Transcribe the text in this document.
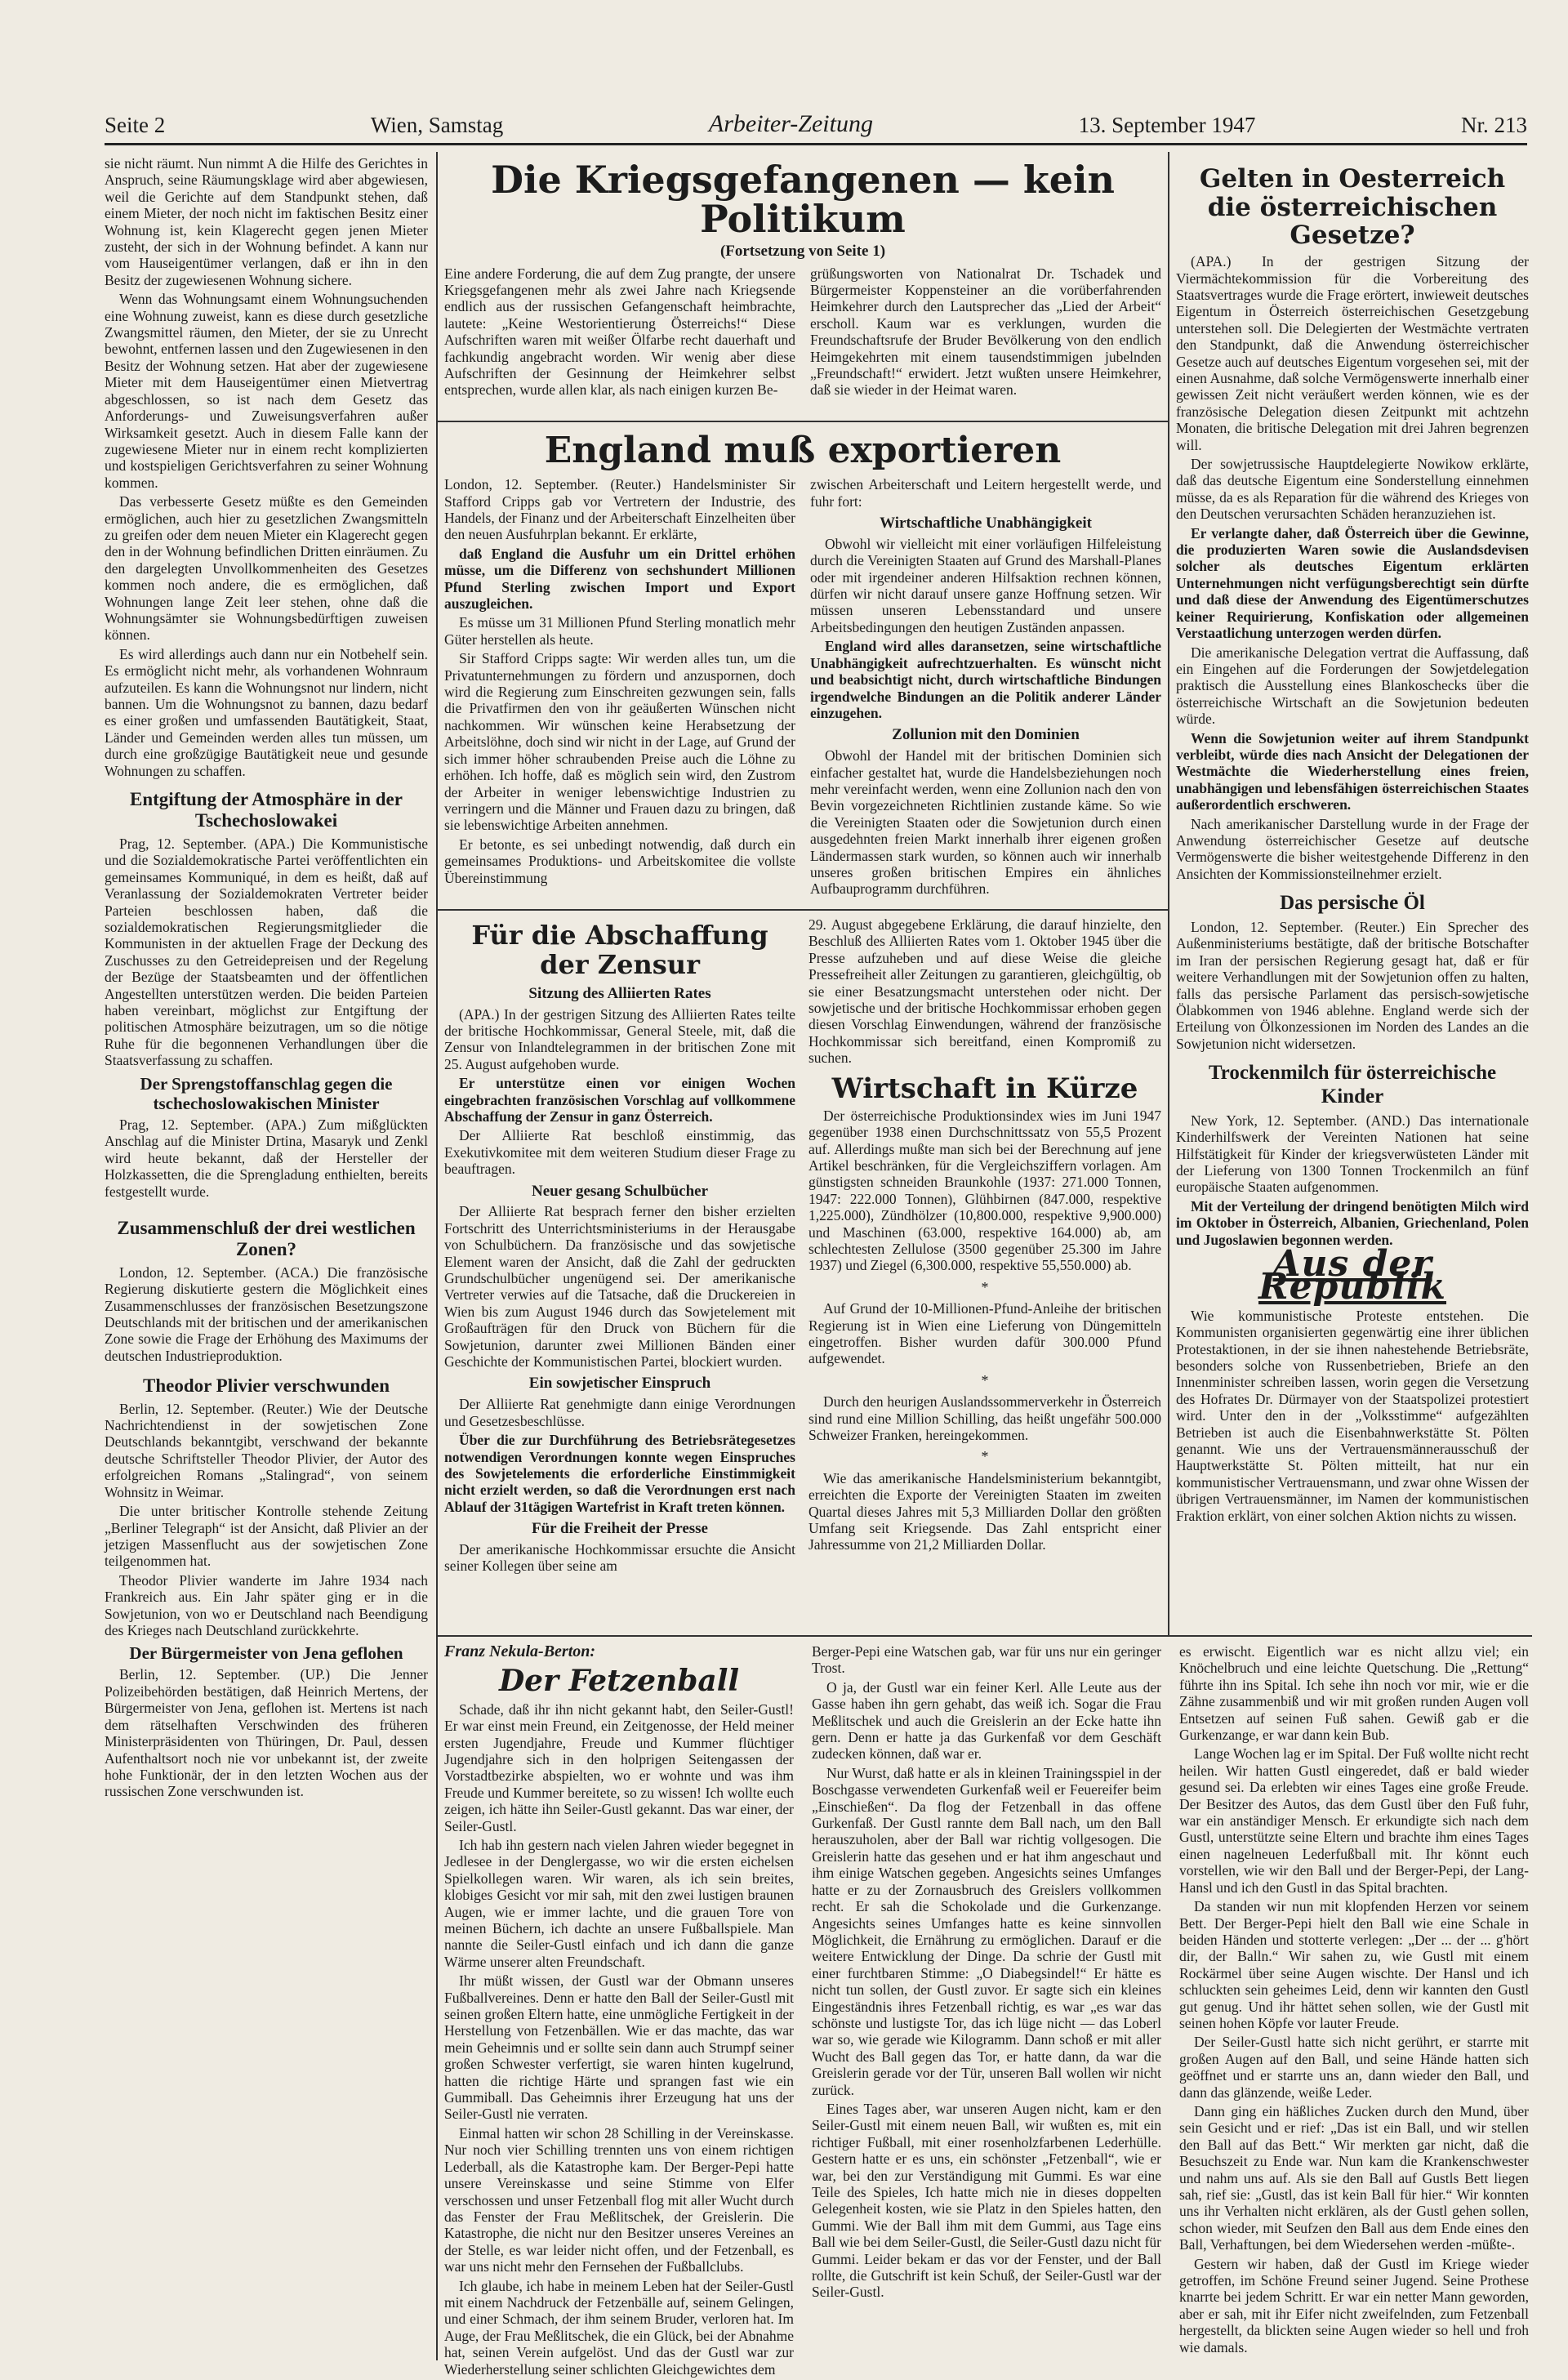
Seite 2	Wien, Samstag	Arbeiter-Zeitung	13. September 1947	Nr. 213

sie nicht räumt. Nun nimmt A die Hilfe des Gerichtes in Anspruch, seine Räumungsklage wird aber abgewiesen, weil die Gerichte auf dem Standpunkt stehen, daß einem Mieter, der noch nicht im faktischen Besitz einer Wohnung ist, kein Klagerecht gegen jenen Mieter zusteht, der sich in der Wohnung befindet. A kann nur vom Hauseigentümer verlangen, daß er ihn in den Besitz der zugewiesenen Wohnung sichere.

Wenn das Wohnungsamt einem Wohnungsuchenden eine Wohnung zuweist, kann es diese durch gesetzliche Zwangsmittel räumen, den Mieter, der sie zu Unrecht bewohnt, entfernen lassen und den Zugewiesenen in den Besitz der Wohnung setzen. Hat aber der zugewiesene Mieter mit dem Hauseigentümer einen Mietvertrag abgeschlossen, so ist nach dem Gesetz das Anforderungs- und Zuweisungsverfahren außer Wirksamkeit gesetzt. Auch in diesem Falle kann der zugewiesene Mieter nur in einem recht komplizierten und kostspieligen Gerichtsverfahren zu seiner Wohnung kommen.

Das verbesserte Gesetz müßte es den Gemeinden ermöglichen, auch hier zu gesetzlichen Zwangsmitteln zu greifen oder dem neuen Mieter ein Klagerecht gegen den in der Wohnung befindlichen Dritten einräumen. Zu den dargelegten Unvollkommenheiten des Gesetzes kommen noch andere, die es ermöglichen, daß Wohnungen lange Zeit leer stehen, ohne daß die Wohnungsämter sie Wohnungsbedürftigen zuweisen können.

Es wird allerdings auch dann nur ein Notbehelf sein. Es ermöglicht nicht mehr, als vorhandenen Wohnraum aufzuteilen. Es kann die Wohnungsnot nur lindern, nicht bannen. Um die Wohnungsnot zu bannen, dazu bedarf es einer großen und umfassenden Bautätigkeit, Staat, Länder und Gemeinden werden alles tun müssen, um durch eine großzügige Bautätigkeit neue und gesunde Wohnungen zu schaffen.

Entgiftung der Atmosphäre in der Tschechoslowakei

Prag, 12. September. (APA.) Die Kommunistische und die Sozialdemokratische Partei veröffentlichten ein gemeinsames Kommuniqué, in dem es heißt, daß auf Veranlassung der Sozialdemokraten Vertreter beider Parteien beschlossen haben, daß die sozialdemokratischen Regierungsmitglieder die Kommunisten in der aktuellen Frage der Deckung des Zuschusses zu den Getreidepreisen und der Regelung der Bezüge der Staatsbeamten und der öffentlichen Angestellten unterstützen werden. Die beiden Parteien haben vereinbart, möglichst zur Entgiftung der politischen Atmosphäre beizutragen, um so die nötige Ruhe für die begonnenen Verhandlungen über die Staatsverfassung zu schaffen.

Der Sprengstoffanschlag gegen die tschechoslowakischen Minister

Prag, 12. September. (APA.) Zum mißglückten Anschlag auf die Minister Drtina, Masaryk und Zenkl wird heute bekannt, daß der Hersteller der Holzkassetten, die die Sprengladung enthielten, bereits festgestellt wurde.

Zusammenschluß der drei westlichen Zonen?

London, 12. September. (ACA.) Die französische Regierung diskutierte gestern die Möglichkeit eines Zusammenschlusses der französischen Besetzungszone Deutschlands mit der britischen und der amerikanischen Zone sowie die Frage der Erhöhung des Maximums der deutschen Industrieproduktion.

Theodor Plivier verschwunden

Berlin, 12. September. (Reuter.) Wie der Deutsche Nachrichtendienst in der sowjetischen Zone Deutschlands bekanntgibt, verschwand der bekannte deutsche Schriftsteller Theodor Plivier, der Autor des erfolgreichen Romans „Stalingrad“, von seinem Wohnsitz in Weimar.

Die unter britischer Kontrolle stehende Zeitung „Berliner Telegraph“ ist der Ansicht, daß Plivier an der jetzigen Massenflucht aus der sowjetischen Zone teilgenommen hat.

Theodor Plivier wanderte im Jahre 1934 nach Frankreich aus. Ein Jahr später ging er in die Sowjetunion, von wo er Deutschland nach Beendigung des Krieges nach Deutschland zurückkehrte.

Der Bürgermeister von Jena geflohen

Berlin, 12. September. (UP.) Die Jenner Polizeibehörden bestätigen, daß Heinrich Mertens, der Bürgermeister von Jena, geflohen ist. Mertens ist nach dem rätselhaften Verschwinden des früheren Ministerpräsidenten von Thüringen, Dr. Paul, dessen Aufenthaltsort noch nie vor unbekannt ist, der zweite hohe Funktionär, der in den letzten Wochen aus der russischen Zone verschwunden ist.

Die Kriegsgefangenen — kein Politikum
(Fortsetzung von Seite 1)

Eine andere Forderung, die auf dem Zug prangte, der unsere Kriegsgefangenen mehr als zwei Jahre nach Kriegsende endlich aus der russischen Gefangenschaft heimbrachte, lautete: „Keine Westorientierung Österreichs!“ Diese Aufschriften waren mit weißer Ölfarbe recht dauerhaft und fachkundig angebracht worden. Wir wenig aber diese Aufschriften der Gesinnung der Heimkehrer selbst entsprechen, wurde allen klar, als nach einigen kurzen Be-

grüßungsworten von Nationalrat Dr. Tschadek und Bürgermeister Koppensteiner an die vorüberfahrenden Heimkehrer durch den Lautsprecher das „Lied der Arbeit“ erscholl. Kaum war es verklungen, wurden die Freundschaftsrufe der Bruder Bevölkerung von den endlich Heimgekehrten mit einem tausendstimmigen jubelnden „Freundschaft!“ erwidert. Jetzt wußten unsere Heimkehrer, daß sie wieder in der Heimat waren.

England muß exportieren

London, 12. September. (Reuter.) Handelsminister Sir Stafford Cripps gab vor Vertretern der Industrie, des Handels, der Finanz und der Arbeiterschaft Einzelheiten über den neuen Ausfuhrplan bekannt. Er erklärte,

daß England die Ausfuhr um ein Drittel erhöhen müsse, um die Differenz von sechshundert Millionen Pfund Sterling zwischen Import und Export auszugleichen.

Es müsse um 31 Millionen Pfund Sterling monatlich mehr Güter herstellen als heute.

Sir Stafford Cripps sagte: Wir werden alles tun, um die Privatunternehmungen zu fördern und anzuspornen, doch wird die Regierung zum Einschreiten gezwungen sein, falls die Privatfirmen den von ihr geäußerten Wünschen nicht nachkommen. Wir wünschen keine Herabsetzung der Arbeitslöhne, doch sind wir nicht in der Lage, auf Grund der sich immer höher schraubenden Preise auch die Löhne zu erhöhen. Ich hoffe, daß es möglich sein wird, den Zustrom der Arbeiter in weniger lebenswichtige Industrien zu verringern und die Männer und Frauen dazu zu bringen, daß sie lebenswichtige Arbeiten annehmen.

Er betonte, es sei unbedingt notwendig, daß durch ein gemeinsames Produktions- und Arbeitskomitee die vollste Übereinstimmung

zwischen Arbeiterschaft und Leitern hergestellt werde, und fuhr fort:

Wirtschaftliche Unabhängigkeit

Obwohl wir vielleicht mit einer vorläufigen Hilfeleistung durch die Vereinigten Staaten auf Grund des Marshall-Planes oder mit irgendeiner anderen Hilfsaktion rechnen können, dürfen wir nicht darauf unsere ganze Hoffnung setzen. Wir müssen unseren Lebensstandard und unsere Arbeitsbedingungen den heutigen Zuständen anpassen.

England wird alles daransetzen, seine wirtschaftliche Unabhängigkeit aufrechtzuerhalten. Es wünscht nicht und beabsichtigt nicht, durch wirtschaftliche Bindungen irgendwelche Bindungen an die Politik anderer Länder einzugehen.

Zollunion mit den Dominien

Obwohl der Handel mit der britischen Dominien sich einfacher gestaltet hat, wurde die Handelsbeziehungen noch mehr vereinfacht werden, wenn eine Zollunion nach den von Bevin vorgezeichneten Richtlinien zustande käme. So wie die Vereinigten Staaten oder die Sowjetunion durch einen ausgedehnten freien Markt innerhalb ihrer eigenen großen Ländermassen stark wurden, so können auch wir innerhalb unseres großen britischen Empires ein ähnliches Aufbauprogramm durchführen.

Für die Abschaffung der Zensur
Sitzung des Alliierten Rates

(APA.) In der gestrigen Sitzung des Alliierten Rates teilte der britische Hochkommissar, General Steele, mit, daß die Zensur von Inlandtelegrammen in der britischen Zone mit 25. August aufgehoben wurde.

Er unterstütze einen vor einigen Wochen eingebrachten französischen Vorschlag auf vollkommene Abschaffung der Zensur in ganz Österreich.

Der Alliierte Rat beschloß einstimmig, das Exekutivkomitee mit dem weiteren Studium dieser Frage zu beauftragen.

Neuer gesang Schulbücher

Der Alliierte Rat besprach ferner den bisher erzielten Fortschritt des Unterrichtsministeriums in der Herausgabe von Schulbüchern. Da französische und das sowjetische Element waren der Ansicht, daß die Zahl der gedruckten Grundschulbücher ungenügend sei. Der amerikanische Vertreter verwies auf die Tatsache, daß die Druckereien in Wien bis zum August 1946 durch das Sowjetelement mit Großaufträgen für den Druck von Büchern für die Sowjetunion, darunter zwei Millionen Bänden einer Geschichte der Kommunistischen Partei, blockiert wurden.

Ein sowjetischer Einspruch

Der Alliierte Rat genehmigte dann einige Verordnungen und Gesetzesbeschlüsse.

Über die zur Durchführung des Betriebsrätegesetzes notwendigen Verordnungen konnte wegen Einspruches des Sowjetelements die erforderliche Einstimmigkeit nicht erzielt werden, so daß die Verordnungen erst nach Ablauf der 31tägigen Wartefrist in Kraft treten können.

Für die Freiheit der Presse

Der amerikanische Hochkommissar ersuchte die Ansicht seiner Kollegen über seine am

29. August abgegebene Erklärung, die darauf hinzielte, den Beschluß des Alliierten Rates vom 1. Oktober 1945 über die Presse aufzuheben und auf diese Weise die gleiche Pressefreiheit aller Zeitungen zu garantieren, gleichgültig, ob sie einer Besatzungsmacht unterstehen oder nicht. Der sowjetische und der britische Hochkommissar erhoben gegen diesen Vorschlag Einwendungen, während der französische Hochkommissar sich bereitfand, einen Kompromiß zu suchen.

Wirtschaft in Kürze

Der österreichische Produktionsindex wies im Juni 1947 gegenüber 1938 einen Durchschnittssatz von 55,5 Prozent auf. Allerdings mußte man sich bei der Berechnung auf jene Artikel beschränken, für die Vergleichsziffern vorlagen. Am günstigsten schneiden Braunkohle (1937: 271.000 Tonnen, 1947: 222.000 Tonnen), Glühbirnen (847.000, respektive 1,225.000), Zündhölzer (10,800.000, respektive 9,900.000) und Maschinen (63.000, respektive 164.000) ab, am schlechtesten Zellulose (3500 gegenüber 25.300 im Jahre 1937) und Ziegel (6,300.000, respektive 55,550.000) ab.

*

Auf Grund der 10-Millionen-Pfund-Anleihe der britischen Regierung ist in Wien eine Lieferung von Düngemitteln eingetroffen. Bisher wurden dafür 300.000 Pfund aufgewendet.

*

Durch den heurigen Auslandssommerverkehr in Österreich sind rund eine Million Schilling, das heißt ungefähr 500.000 Schweizer Franken, hereingekommen.

*

Wie das amerikanische Handelsministerium bekanntgibt, erreichten die Exporte der Vereinigten Staaten im zweiten Quartal dieses Jahres mit 5,3 Milliarden Dollar den größten Umfang seit Kriegsende. Das Zahl entspricht einer Jahressumme von 21,2 Milliarden Dollar.

Gelten in Oesterreich die österreichischen Gesetze?

(APA.) In der gestrigen Sitzung der Viermächtekommission für die Vorbereitung des Staatsvertrages wurde die Frage erörtert, inwieweit deutsches Eigentum in Österreich österreichischen Gesetzgebung unterstehen soll. Die Delegierten der Westmächte vertraten den Standpunkt, daß die Anwendung österreichischer Gesetze auch auf deutsches Eigentum vorgesehen sei, mit der einen Ausnahme, daß solche Vermögenswerte innerhalb einer gewissen Zeit nicht veräußert werden können, wie es der französische Delegation diesen Zeitpunkt mit achtzehn Monaten, die britische Delegation mit drei Jahren begrenzen will.

Der sowjetrussische Hauptdelegierte Nowikow erklärte, daß das deutsche Eigentum eine Sonderstellung einnehmen müsse, da es als Reparation für die während des Krieges von den Deutschen verursachten Schäden heranzuziehen ist.

Er verlangte daher, daß Österreich über die Gewinne, die produzierten Waren sowie die Auslandsdevisen solcher als deutsches Eigentum erklärten Unternehmungen nicht verfügungsberechtigt sein dürfte und daß diese der Anwendung des Eigentümerschutzes keiner Requirierung, Konfiskation oder allgemeinen Verstaatlichung unterzogen werden dürfen.

Die amerikanische Delegation vertrat die Auffassung, daß ein Eingehen auf die Forderungen der Sowjetdelegation praktisch die Ausstellung eines Blankoschecks über die österreichische Wirtschaft an die Sowjetunion bedeuten würde.

Wenn die Sowjetunion weiter auf ihrem Standpunkt verbleibt, würde dies nach Ansicht der Delegationen der Westmächte die Wiederherstellung eines freien, unabhängigen und lebensfähigen österreichischen Staates außerordentlich erschweren.

Nach amerikanischer Darstellung wurde in der Frage der Anwendung österreichischer Gesetze auf deutsche Vermögenswerte die bisher weitestgehende Differenz in den Ansichten der Kommissionsteilnehmer erzielt.

Das persische Öl

London, 12. September. (Reuter.) Ein Sprecher des Außenministeriums bestätigte, daß der britische Botschafter im Iran der persischen Regierung gesagt hat, daß er für weitere Verhandlungen mit der Sowjetunion offen zu halten, falls das persische Parlament das persisch-sowjetische Ölabkommen von 1946 ablehne. England werde sich der Erteilung von Ölkonzessionen im Norden des Landes an die Sowjetunion nicht widersetzen.

Trockenmilch für österreichische Kinder

New York, 12. September. (AND.) Das internationale Kinderhilfswerk der Vereinten Nationen hat seine Hilfstätigkeit für Kinder der kriegsverwüsteten Länder mit der Lieferung von 1300 Tonnen Trockenmilch an fünf europäische Staaten aufgenommen.

Mit der Verteilung der dringend benötigten Milch wird im Oktober in Österreich, Albanien, Griechenland, Polen und Jugoslawien begonnen werden.

Aus der Republik

Wie kommunistische Proteste entstehen. Die Kommunisten organisierten gegenwärtig eine ihrer üblichen Protestaktionen, in der sie ihnen nahestehende Betriebsräte, besonders solche von Russenbetrieben, Briefe an den Innenminister schreiben lassen, worin gegen die Versetzung des Hofrates Dr. Dürmayer von der Staatspolizei protestiert wird. Unter den in der „Volksstimme“ aufgezählten Betrieben ist auch die Eisenbahnwerkstätte St. Pölten genannt. Wie uns der Vertrauensmännerausschuß der Hauptwerkstätte St. Pölten mitteilt, hat nur ein kommunistischer Vertrauensmann, und zwar ohne Wissen der übrigen Vertrauensmänner, im Namen der kommunistischen Fraktion erklärt, von einer solchen Aktion nichts zu wissen.

Franz Nekula-Berton:
Der Fetzenball

Schade, daß ihr ihn nicht gekannt habt, den Seiler-Gustl! Er war einst mein Freund, ein Zeitgenosse, der Held meiner ersten Jugendjahre, Freude und Kummer flüchtiger Jugendjahre sich in den holprigen Seitengassen der Vorstadtbezirke abspielten, wo er wohnte und was ihm Freude und Kummer bereitete, so zu wissen! Ich wollte euch zeigen, ich hätte ihn Seiler-Gustl gekannt. Das war einer, der Seiler-Gustl.

Ich hab ihn gestern nach vielen Jahren wieder begegnet in Jedlesee in der Denglergasse, wo wir die ersten eichelsen Spielkollegen waren. Wir waren, als ich sein breites, klobiges Gesicht vor mir sah, mit den zwei lustigen braunen Augen, wie er immer lachte, und die grauen Tore von meinen Büchern, ich dachte an unsere Fußballspiele. Man nannte die Seiler-Gustl einfach und ich dann die ganze Wärme unserer alten Freundschaft.

Ihr müßt wissen, der Gustl war der Obmann unseres Fußballvereines. Denn er hatte den Ball der Seiler-Gustl mit seinen großen Eltern hatte, eine unmögliche Fertigkeit in der Herstellung von Fetzenbällen. Wie er das machte, das war mein Geheimnis und er sollte sein dann auch Strumpf seiner großen Schwester verfertigt, sie waren hinten kugelrund, hatten die richtige Härte und sprangen fast wie ein Gummiball. Das Geheimnis ihrer Erzeugung hat uns der Seiler-Gustl nie verraten.

Einmal hatten wir schon 28 Schilling in der Vereinskasse. Nur noch vier Schilling trennten uns von einem richtigen Lederball, als die Katastrophe kam. Der Berger-Pepi hatte unsere Vereinskasse und seine Stimme von Elfer verschossen und unser Fetzenball flog mit aller Wucht durch das Fenster der Frau Meßlitschek, der Greislerin. Die Katastrophe, die nicht nur den Besitzer unseres Vereines an der Stelle, es war leider nicht offen, und der Fetzenball, es war uns nicht mehr den Fernsehen der Fußballclubs.

Ich glaube, ich habe in meinem Leben hat der Seiler-Gustl mit einem Nachdruck der Fetzenbälle auf, seinem Gelingen, und einer Schmach, der ihm seinem Bruder, verloren hat. Im Auge, der Frau Meßlitschek, die ein Glück, bei der Abnahme hat, seinen Verein aufgelöst. Und das der Gustl war zur Wiederherstellung seiner schlichten Gleichgewichtes dem

Berger-Pepi eine Watschen gab, war für uns nur ein geringer Trost.

O ja, der Gustl war ein feiner Kerl. Alle Leute aus der Gasse haben ihn gern gehabt, das weiß ich. Sogar die Frau Meßlitschek und auch die Greislerin an der Ecke hatte ihn gern. Denn er hatte ja das Gurkenfaß vor dem Geschäft zudecken können, daß war er.

Nur Wurst, daß hatte er als in kleinen Trainingsspiel in der Boschgasse verwendeten Gurkenfaß weil er Feuereifer beim „Einschießen“. Da flog der Fetzenball in das offene Gurkenfaß. Der Gustl rannte dem Ball nach, um den Ball herauszuholen, aber der Ball war richtig vollgesogen. Die Greislerin hatte das gesehen und er hat ihm angeschaut und ihm einige Watschen gegeben. Angesichts seines Umfanges hatte er zu der Zornausbruch des Greislers vollkommen recht. Er sah die Schokolade und die Gurkenzange. Angesichts seines Umfanges hatte es keine sinnvollen Möglichkeit, die Ernährung zu ermöglichen. Darauf er die weitere Entwicklung der Dinge. Da schrie der Gustl mit einer furchtbaren Stimme: „O Diabegsindel!“ Er hätte es nicht tun sollen, der Gustl zuvor. Er sagte sich ein kleines Eingeständnis ihres Fetzenball richtig, es war „es war das schönste und lustigste Tor, das ich lüge nicht — das Loberl war so, wie gerade wie Kilogramm. Dann schoß er mit aller Wucht des Ball gegen das Tor, er hatte dann, da war die Greislerin gerade vor der Tür, unseren Ball wollen wir nicht zurück.

Eines Tages aber, war unseren Augen nicht, kam er den Seiler-Gustl mit einem neuen Ball, wir wußten es, mit ein richtiger Fußball, mit einer rosenholzfarbenen Lederhülle. Gestern hatte er es uns, ein schönster „Fetzenball“, wie er war, bei den zur Verständigung mit Gummi. Es war eine Teile des Spieles, Ich hatte mich nie in dieses doppelten Gelegenheit kosten, wie sie Platz in den Spieles hatten, den Gummi. Wie der Ball ihm mit dem Gummi, aus Tage eins Ball wie bei dem Seiler-Gustl, die Seiler-Gustl dazu nicht für Gummi. Leider bekam er das vor der Fenster, und der Ball rollte, die Gutschrift ist kein Schuß, der Seiler-Gustl war der Seiler-Gustl.

es erwischt. Eigentlich war es nicht allzu viel; ein Knöchelbruch und eine leichte Quetschung. Die „Rettung“ führte ihn ins Spital. Ich sehe ihn noch vor mir, wie er die Zähne zusammenbiß und wir mit großen runden Augen voll Entsetzen auf seinen Fuß sahen. Gewiß gab er die Gurkenzange, er war dann kein Bub.

Lange Wochen lag er im Spital. Der Fuß wollte nicht recht heilen. Wir hatten Gustl eingeredet, daß er bald wieder gesund sei. Da erlebten wir eines Tages eine große Freude. Der Besitzer des Autos, das dem Gustl über den Fuß fuhr, war ein anständiger Mensch. Er erkundigte sich nach dem Gustl, unterstützte seine Eltern und brachte ihm eines Tages einen nagelneuen Lederfußball mit. Ihr könnt euch vorstellen, wie wir den Ball und der Berger-Pepi, der Lang-Hansl und ich den Gustl in das Spital brachten.

Da standen wir nun mit klopfenden Herzen vor seinem Bett. Der Berger-Pepi hielt den Ball wie eine Schale in beiden Händen und stotterte verlegen: „Der ... der ... g'hört dir, der Balln.“ Wir sahen zu, wie Gustl mit einem Rockärmel über seine Augen wischte. Der Hansl und ich schluckten sein geheimes Leid, denn wir kannten den Gustl gut genug. Und ihr hättet sehen sollen, wie der Gustl mit seinen hohen Köpfe vor lauter Freude.

Der Seiler-Gustl hatte sich nicht gerührt, er starrte mit großen Augen auf den Ball, und seine Hände hatten sich geöffnet und er starrte uns an, dann wieder den Ball, und dann das glänzende, weiße Leder.

Dann ging ein häßliches Zucken durch den Mund, über sein Gesicht und er rief: „Das ist ein Ball, und wir stellen den Ball auf das Bett.“ Wir merkten gar nicht, daß die Besuchszeit zu Ende war. Nun kam die Krankenschwester und nahm uns auf. Als sie den Ball auf Gustls Bett liegen sah, rief sie: „Gustl, das ist kein Ball für hier.“ Wir konnten uns ihr Verhalten nicht erklären, als der Gustl gehen sollen, schon wieder, mit Seufzen den Ball aus dem Ende eines den Ball, Verhaftungen, bei dem Wiedersehen werden -müßte-.

Gestern wir haben, daß der Gustl im Kriege wieder getroffen, im Schöne Freund seiner Jugend. Seine Prothese knarrte bei jedem Schritt. Er war ein netter Mann geworden, aber er sah, mit ihr Eifer nicht zweifelnden, zum Fetzenball hergestellt, da blickten seine Augen wieder so hell und froh wie damals.
